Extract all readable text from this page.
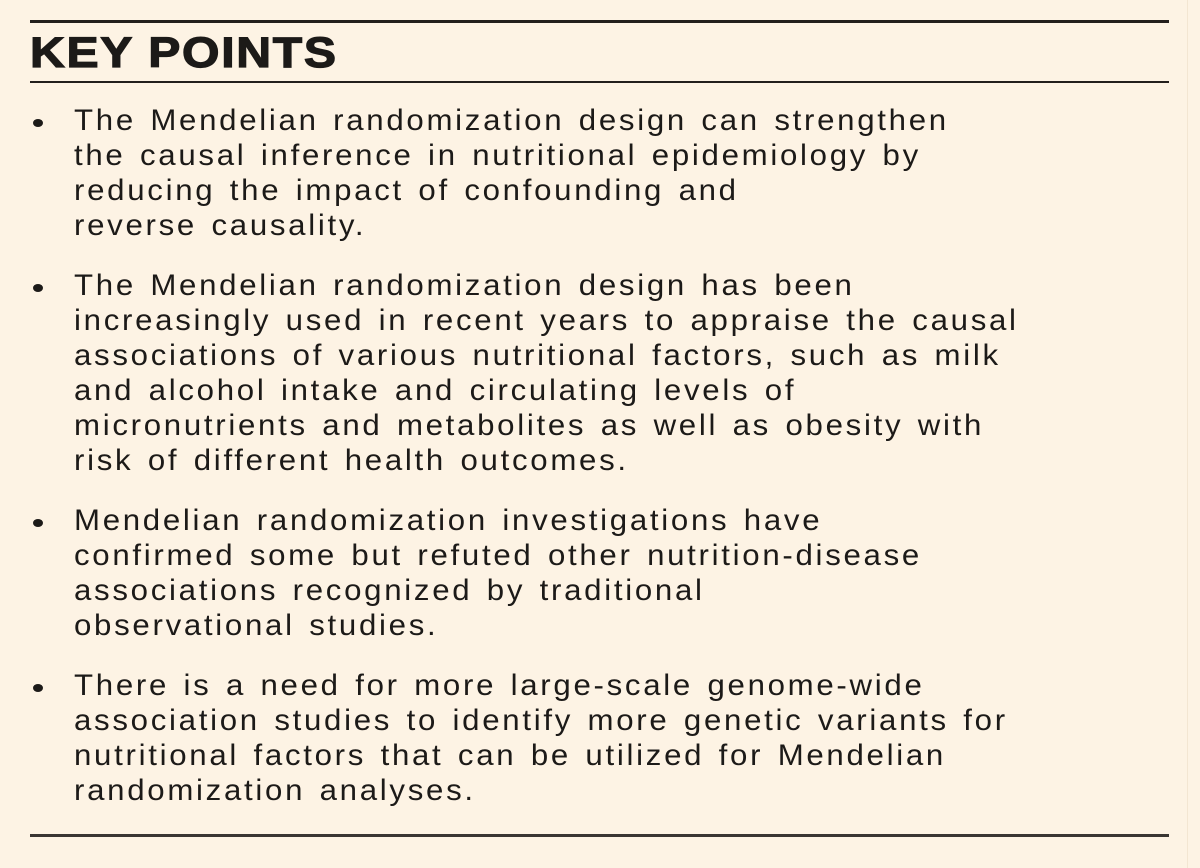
KEY POINTS
The Mendelian randomization design can strengthen
the causal inference in nutritional epidemiology by
reducing the impact of confounding and
reverse causality.
The Mendelian randomization design has been
increasingly used in recent years to appraise the causal
associations of various nutritional factors, such as milk
and alcohol intake and circulating levels of
micronutrients and metabolites as well as obesity with
risk of different health outcomes.
Mendelian randomization investigations have
confirmed some but refuted other nutrition-disease
associations recognized by traditional
observational studies.
There is a need for more large-scale genome-wide
association studies to identify more genetic variants for
nutritional factors that can be utilized for Mendelian
randomization analyses.
